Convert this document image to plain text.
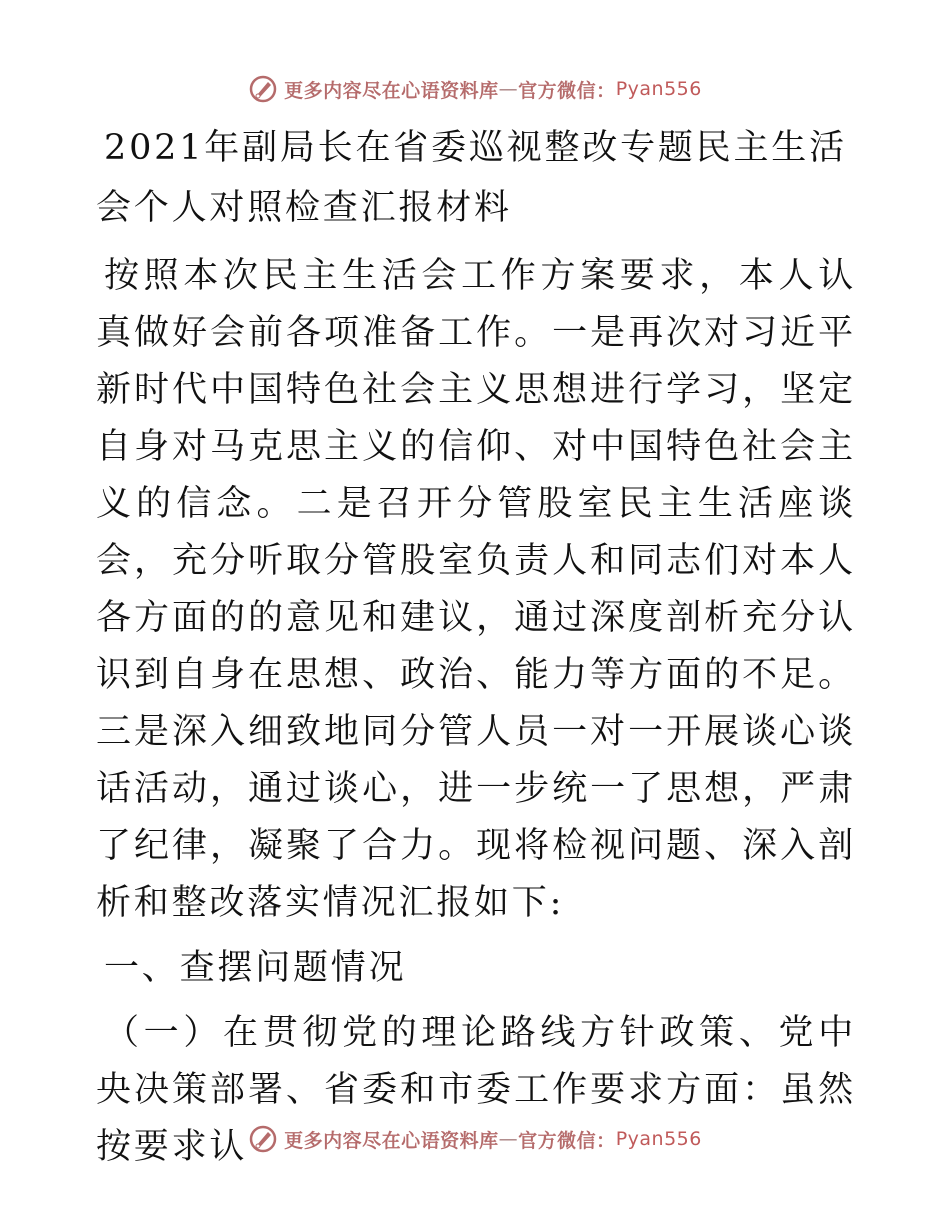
更多内容尽在心语资料库 — 官方微信： Pyan556
2021年副局长在省委巡视整改专题民主生活会个人对照检查汇报材料

按照本次民主生活会工作方案要求，本人认真做好会前各项准备工作。一是再次对习近平新时代中国特色社会主义思想进行学习，坚定自身对马克思主义的信仰、对中国特色社会主义的信念。二是召开分管股室民主生活座谈会，充分听取分管股室负责人和同志们对本人各方面的的意见和建议，通过深度剖析充分认识到自身在思想、政治、能力等方面的不足。三是深入细致地同分管人员一对一开展谈心谈话活动，通过谈心，进一步统一了思想，严肃了纪律，凝聚了合力。现将检视问题、深入剖析和整改落实情况汇报如下:

一、查摆问题情况

（一）在贯彻党的理论路线方针政策、党中央决策部署、省委和市委工作要求方面：虽然按要求认	更多内容尽在心语资料库 — 官方微信： Pyan556
